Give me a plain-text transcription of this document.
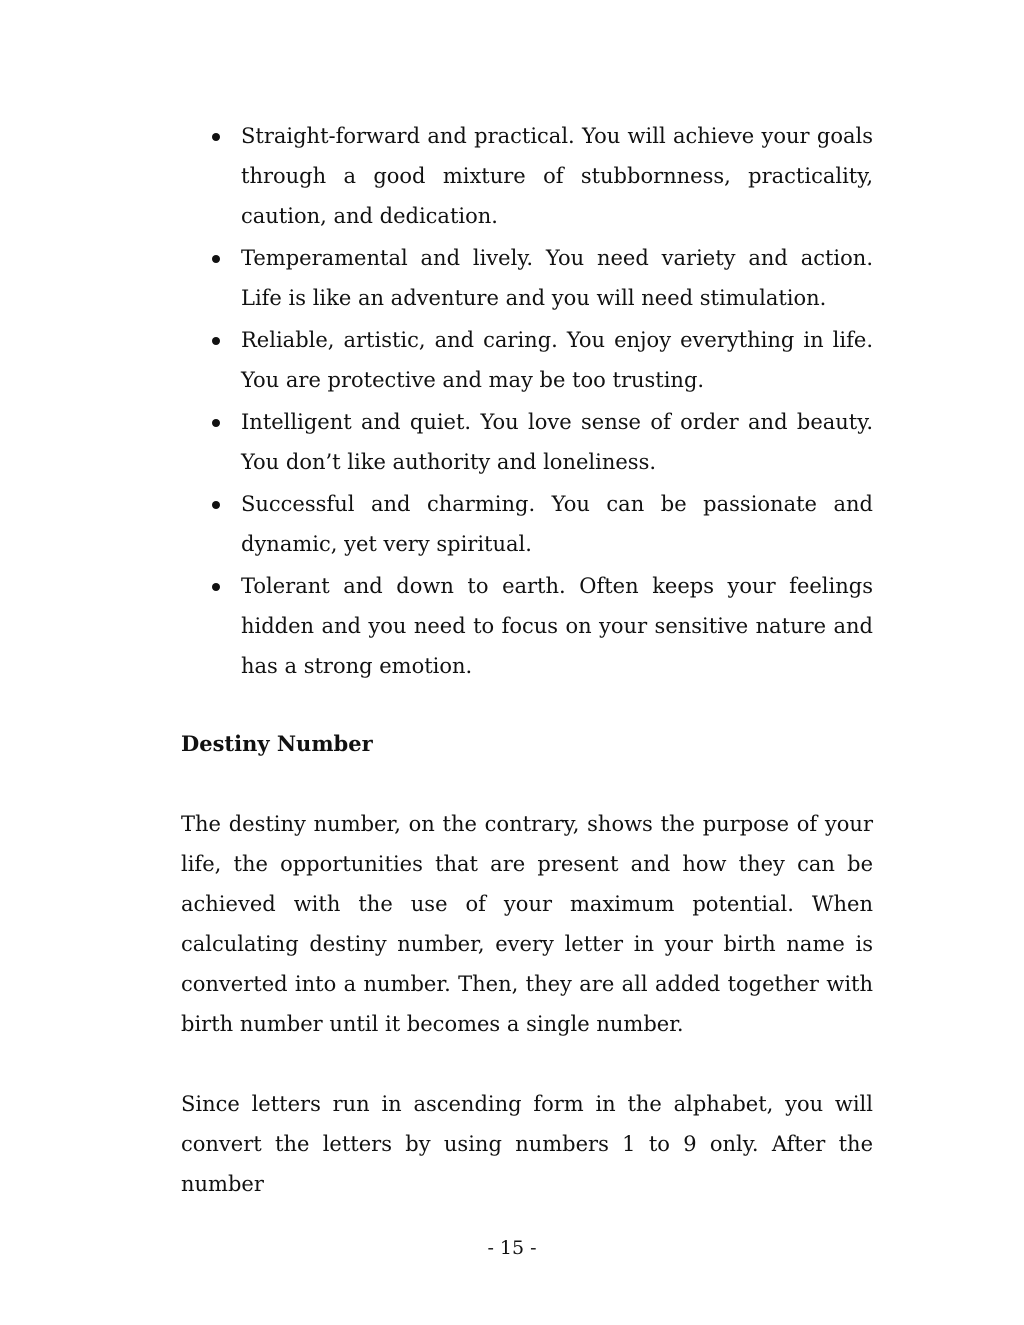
Straight-forward and practical. You will achieve your goals through a good mixture of stubbornness, practicality, caution, and dedication.
Temperamental and lively. You need variety and action. Life is like an adventure and you will need stimulation.
Reliable, artistic, and caring. You enjoy everything in life. You are protective and may be too trusting.
Intelligent and quiet. You love sense of order and beauty. You don’t like authority and loneliness.
Successful and charming. You can be passionate and dynamic, yet very spiritual.
Tolerant and down to earth. Often keeps your feelings hidden and you need to focus on your sensitive nature and has a strong emotion.
Destiny Number

The destiny number, on the contrary, shows the purpose of your life, the opportunities that are present and how they can be achieved with the use of your maximum potential. When calculating destiny number, every letter in your birth name is converted into a number. Then, they are all added together with birth number until it becomes a single number.

Since letters run in ascending form in the alphabet, you will convert the letters by using numbers 1 to 9 only. After the number

- 15 -
